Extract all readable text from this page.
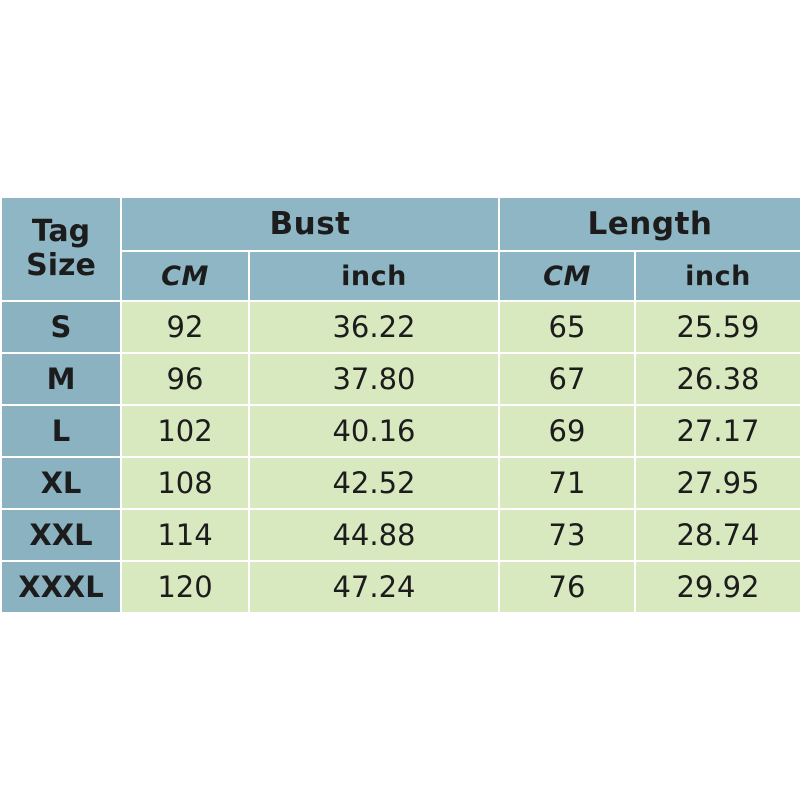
Tag
Size	Bust		Length	
	CM	inch	CM	inch
S	92	36.22	65	25.59
M	96	37.80	67	26.38
L	102	40.16	69	27.17
XL	108	42.52	71	27.95
XXL	114	44.88	73	28.74
XXXL	120	47.24	76	29.92
